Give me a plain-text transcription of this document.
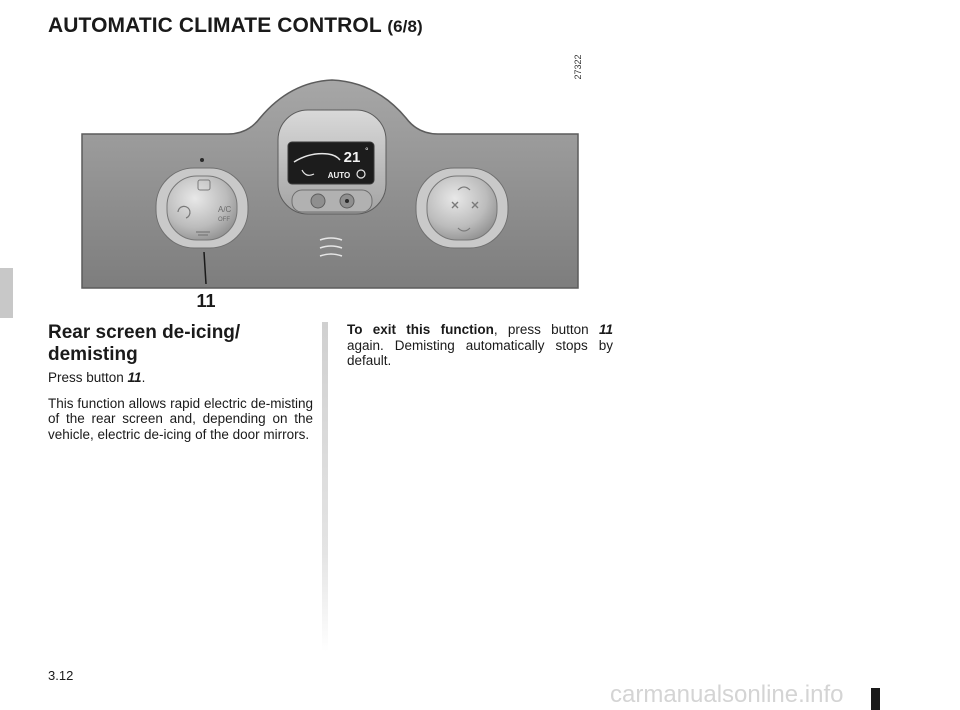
AUTOMATIC CLIMATE CONTROL (6/8)
27322
21 °
AUTO
A/C
OFF
11
Rear screen de-icing/ demisting

Press button 11.

This function allows rapid electric de-misting of the rear screen and, depending on the vehicle, electric de-icing of the door mirrors.

To exit this function, press button 11 again. Demisting automatically stops by default.

3.12
carmanualsonline.info
